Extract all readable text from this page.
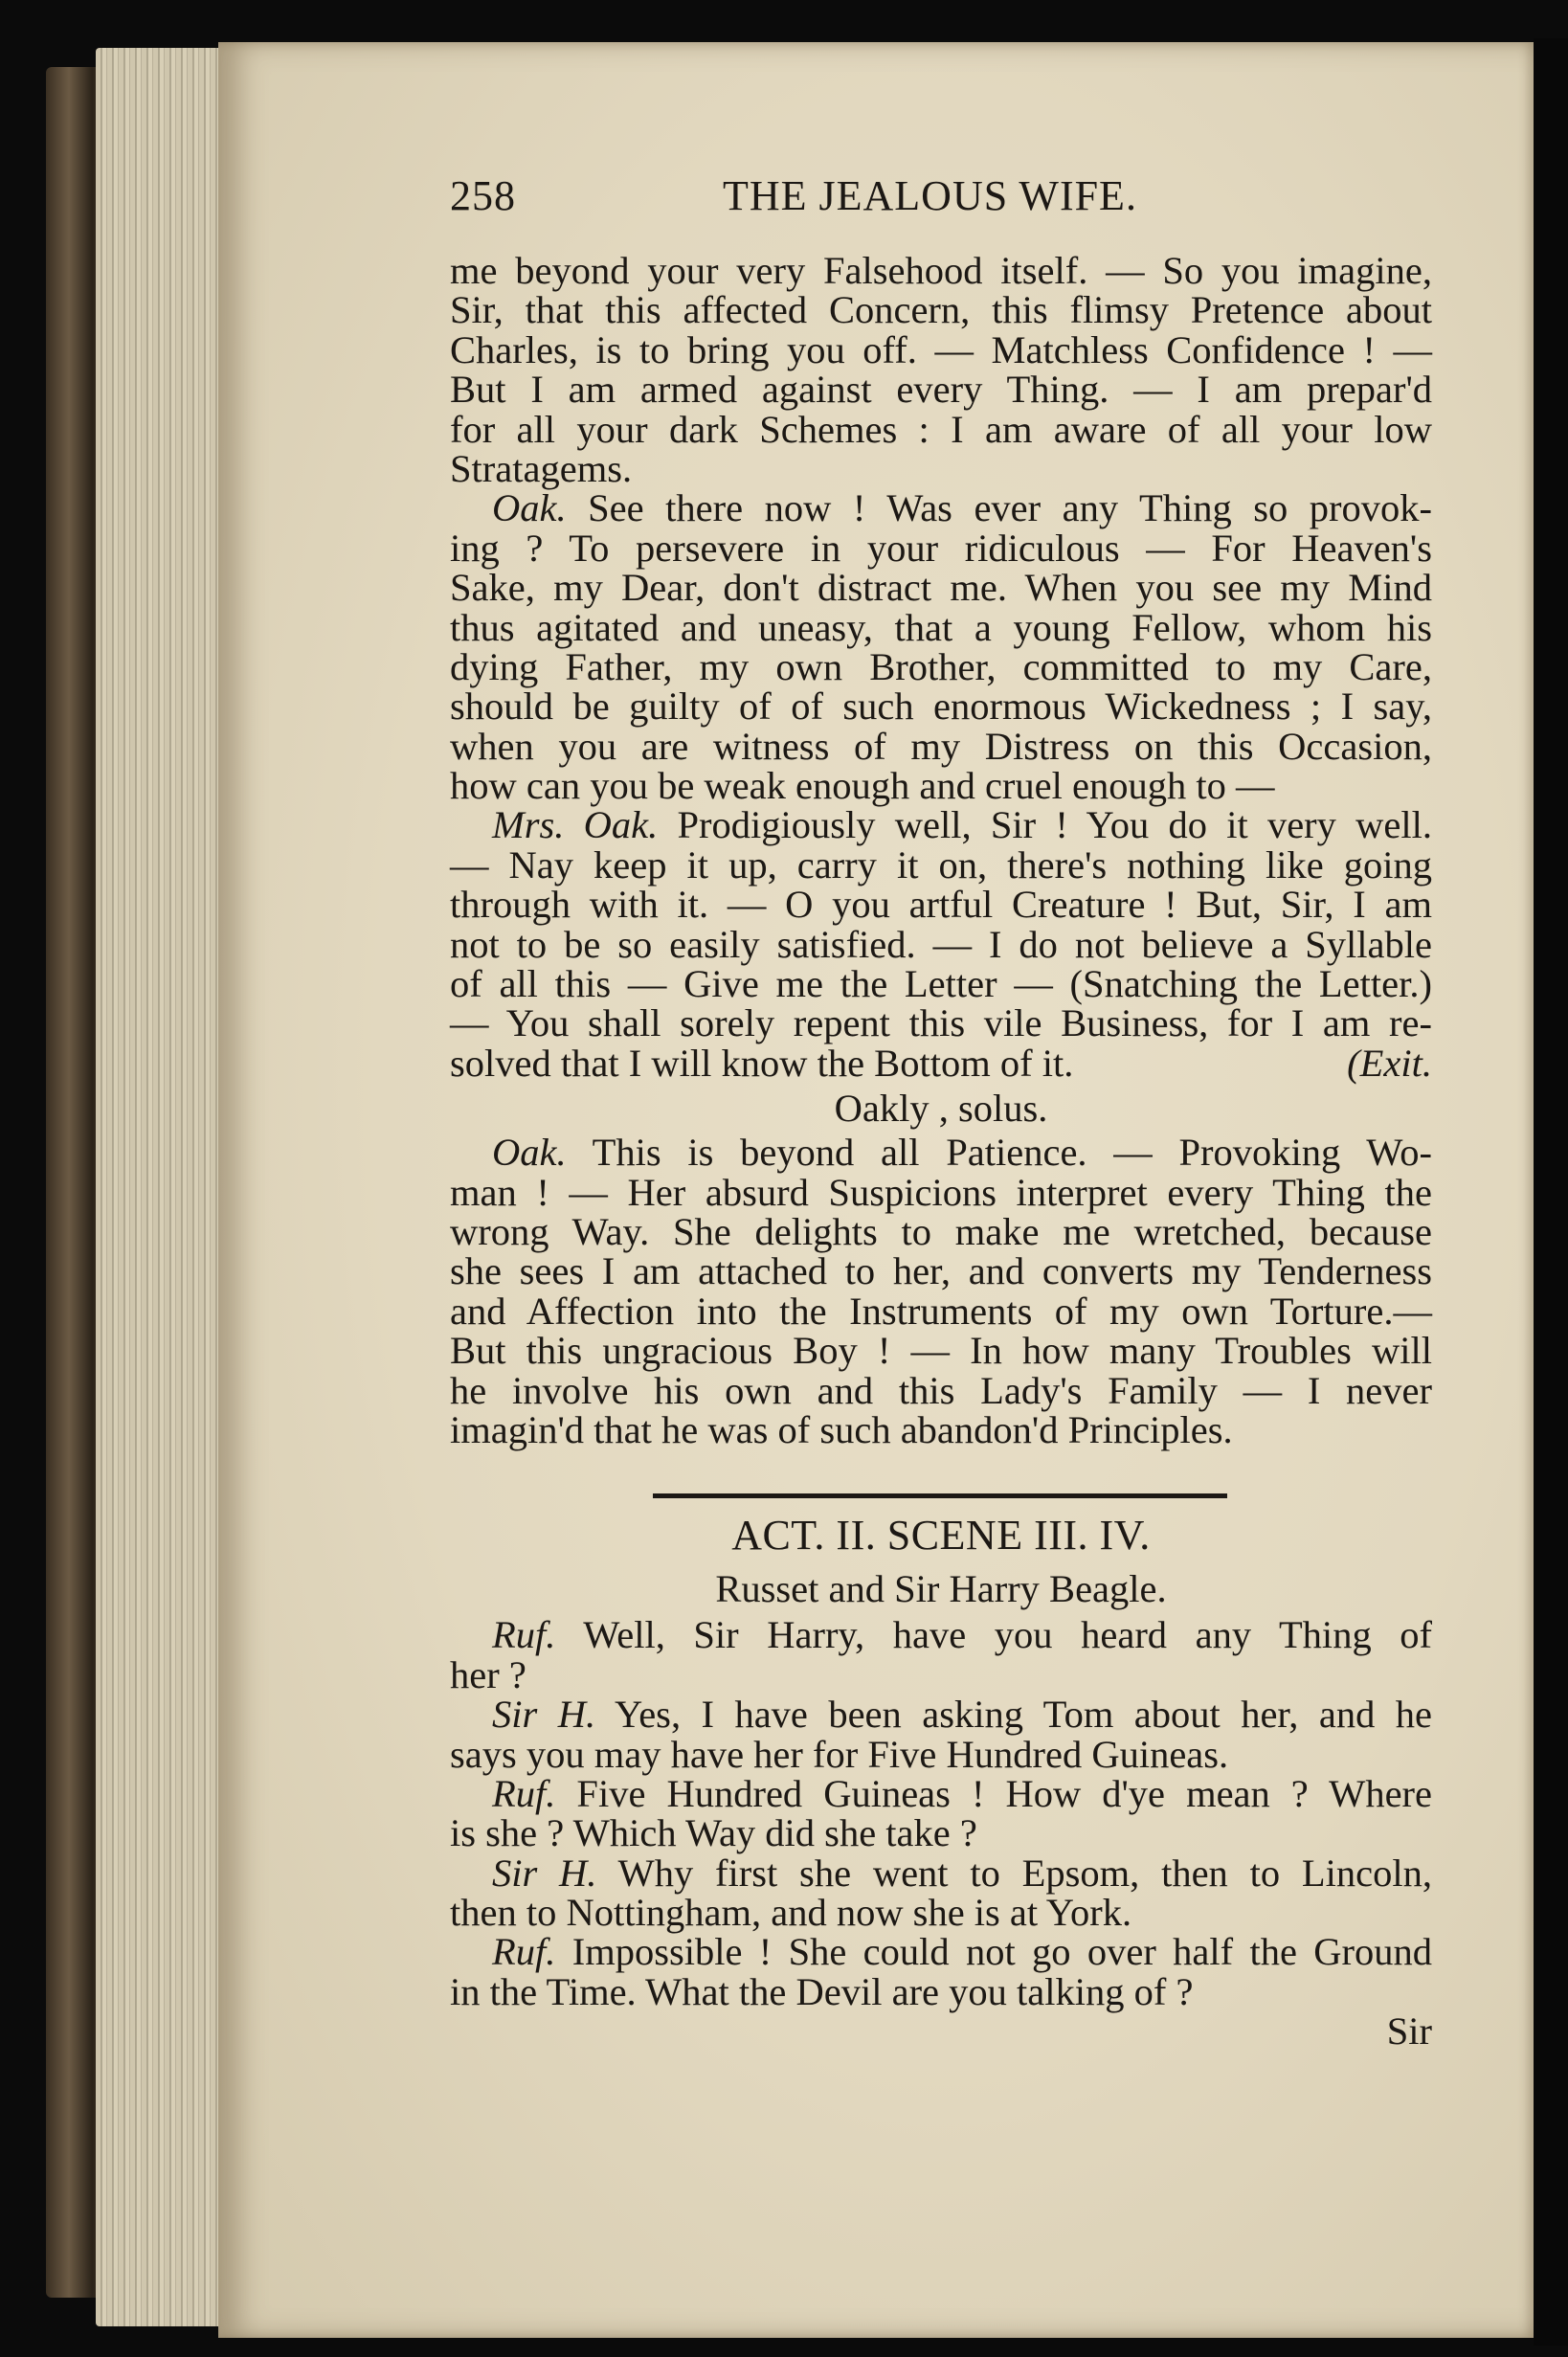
258	THE JEALOUS WIFE.
me beyond your very Falsehood itself. — So you imagine,
Sir, that this affected Concern, this flimsy Pretence about
Charles, is to bring you off. — Matchless Confidence ! —
But I am armed against every Thing. — I am prepar'd
for all your dark Schemes : I am aware of all your low
Stratagems.
Oak. See there now ! Was ever any Thing so provok-
ing ? To persevere in your ridiculous — For Heaven's
Sake, my Dear, don't distract me. When you see my Mind
thus agitated and uneasy, that a young Fellow, whom his
dying Father, my own Brother, committed to my Care,
should be guilty of of such enormous Wickedness ; I say,
when you are witness of my Distress on this Occasion,
how can you be weak enough and cruel enough to —
Mrs. Oak. Prodigiously well, Sir ! You do it very well.
— Nay keep it up, carry it on, there's nothing like going
through with it. — O you artful Creature ! But, Sir, I am
not to be so easily satisfied. — I do not believe a Syllable
of all this — Give me the Letter — (Snatching the Letter.)
— You shall sorely repent this vile Business, for I am re-
solved that I will know the Bottom of it.	(Exit.
Oakly , solus.
Oak. This is beyond all Patience. — Provoking Wo-
man ! — Her absurd Suspicions interpret every Thing the
wrong Way. She delights to make me wretched, because
she sees I am attached to her, and converts my Tenderness
and Affection into the Instruments of my own Torture.—
But this ungracious Boy ! — In how many Troubles will
he involve his own and this Lady's Family — I never
imagin'd that he was of such abandon'd Principles.
ACT. II. SCENE III. IV.
Russet and Sir Harry Beagle.
Ruf. Well, Sir Harry, have you heard any Thing of
her ?
Sir H. Yes, I have been asking Tom about her, and he
says you may have her for Five Hundred Guineas.
Ruf. Five Hundred Guineas ! How d'ye mean ? Where
is she ? Which Way did she take ?
Sir H. Why first she went to Epsom, then to Lincoln,
then to Nottingham, and now she is at York.
Ruf. Impossible ! She could not go over half the Ground
in the Time. What the Devil are you talking of ?
Sir
